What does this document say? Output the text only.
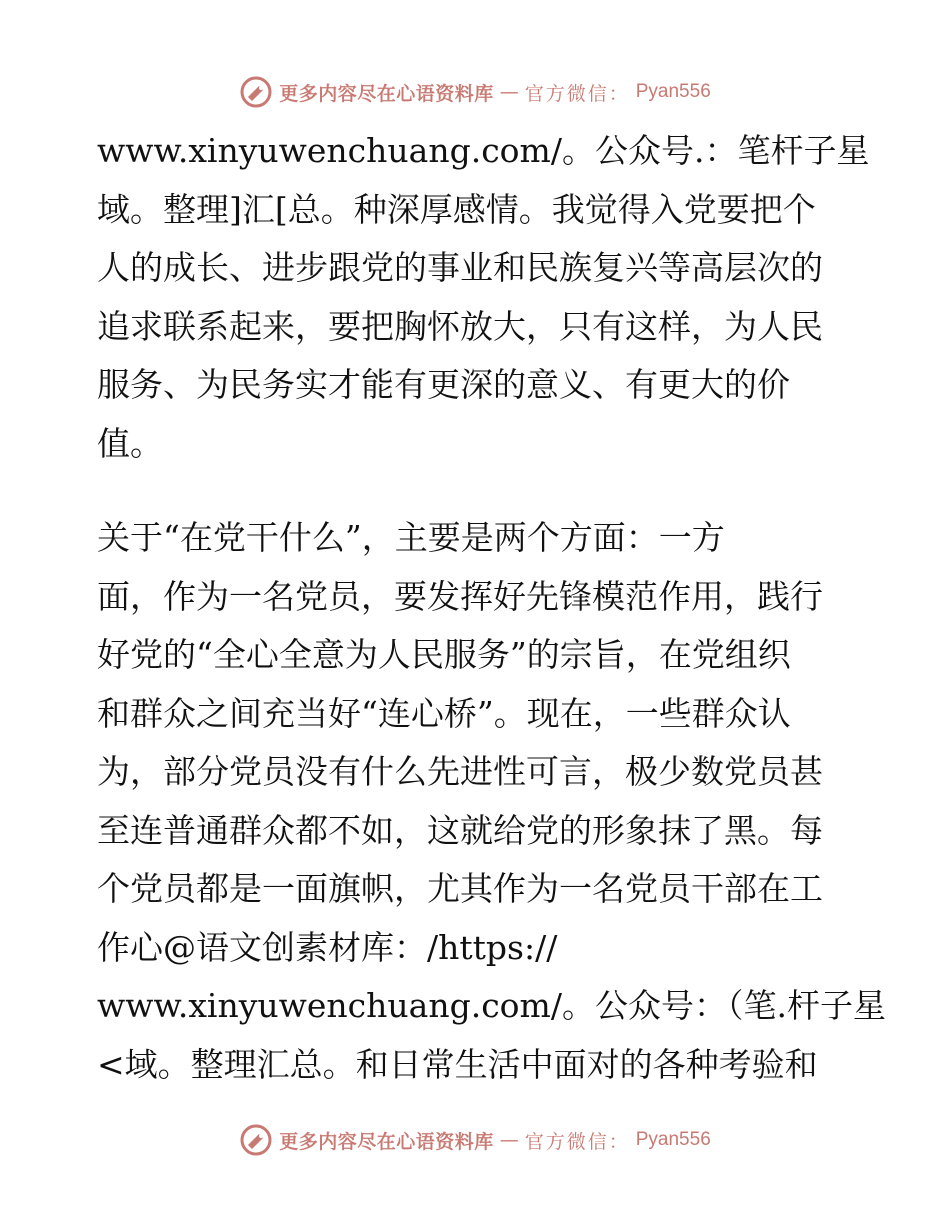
更多内容尽在心语资料库 — 官方微信： Pyan556
www.xinyuwenchuang.com/。公众号.：笔杆子星
域。整理]汇[总。种深厚感情。我觉得入党要把个
人的成长、进步跟党的事业和民族复兴等高层次的
追求联系起来，要把胸怀放大，只有这样，为人民
服务、为民务实才能有更深的意义、有更大的价
值。
关于“在党干什么”，主要是两个方面：一方
面，作为一名党员，要发挥好先锋模范作用，践行
好党的“全心全意为人民服务”的宗旨，在党组织
和群众之间充当好“连心桥”。现在，一些群众认
为，部分党员没有什么先进性可言，极少数党员甚
至连普通群众都不如，这就给党的形象抹了黑。每
个党员都是一面旗帜，尤其作为一名党员干部在工
作心@语文创素材库：/https://
www.xinyuwenchuang.com/。公众号：（笔.杆子星
<域。整理汇总。和日常生活中面对的各种考验和
更多内容尽在心语资料库 — 官方微信： Pyan556
